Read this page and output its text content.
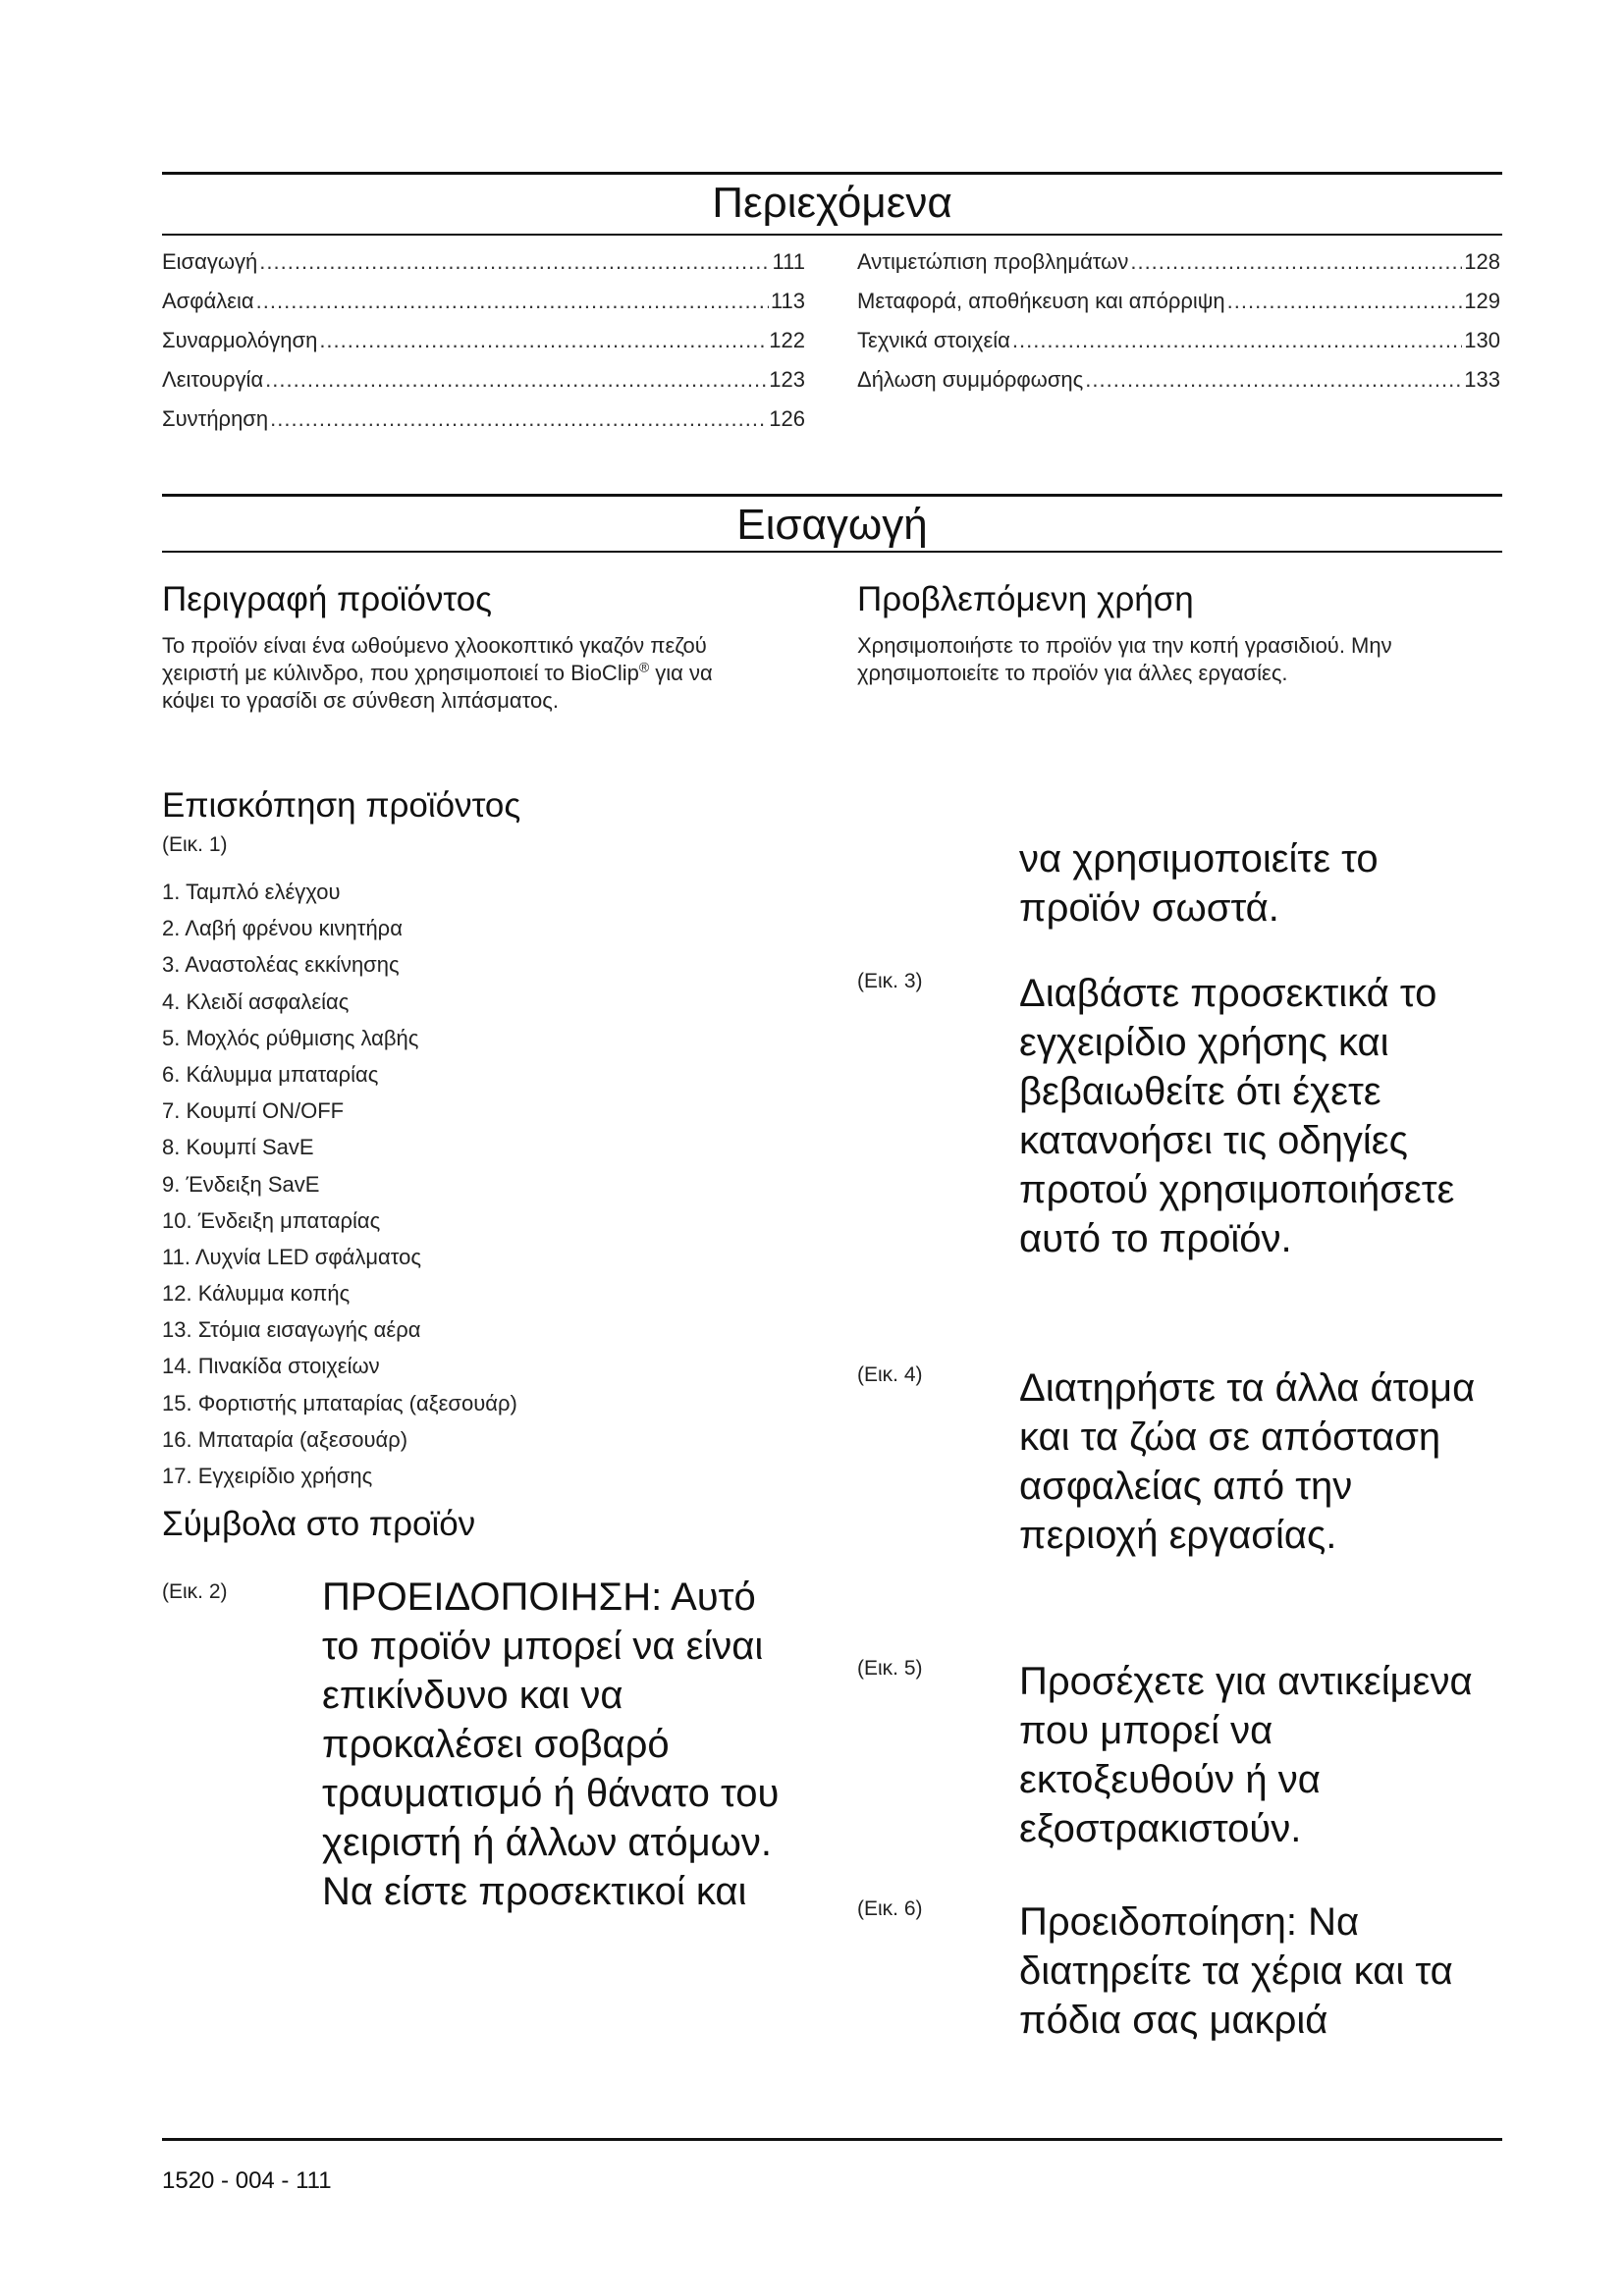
Περιεχόμενα
Εισαγωγή .....	111
Ασφάλεια .....	113
Συναρμολόγηση .....	122
Λειτουργία .....	123
Συντήρηση .....	126
Αντιμετώπιση προβλημάτων .....	128
Μεταφορά, αποθήκευση και απόρριψη .....	129
Τεχνικά στοιχεία .....	130
Δήλωση συμμόρφωσης .....	133
Εισαγωγή
Περιγραφή προϊόντος

Το προϊόν είναι ένα ωθούμενο χλοοκοπτικό γκαζόν πεζού χειριστή με κύλινδρο, που χρησιμοποιεί το BioClip® για να κόψει το γρασίδι σε σύνθεση λιπάσματος.

Προβλεπόμενη χρήση

Χρησιμοποιήστε το προϊόν για την κοπή γρασιδιού. Μην χρησιμοποιείτε το προϊόν για άλλες εργασίες.

Επισκόπηση προϊόντος
(Εικ. 1)
1. Ταμπλό ελέγχου
2. Λαβή φρένου κινητήρα
3. Αναστολέας εκκίνησης
4. Κλειδί ασφαλείας
5. Μοχλός ρύθμισης λαβής
6. Κάλυμμα μπαταρίας
7. Κουμπί ON/OFF
8. Κουμπί SavE
9. Ένδειξη SavE
10. Ένδειξη μπαταρίας
11. Λυχνία LED σφάλματος
12. Κάλυμμα κοπής
13. Στόμια εισαγωγής αέρα
14. Πινακίδα στοιχείων
15. Φορτιστής μπαταρίας (αξεσουάρ)
16. Μπαταρία (αξεσουάρ)
17. Εγχειρίδιο χρήσης
Σύμβολα στο προϊόν
(Εικ. 2) ΠΡΟΕΙΔΟΠΟΙΗΣΗ: Αυτό το προϊόν μπορεί να είναι επικίνδυνο και να προκαλέσει σοβαρό τραυματισμό ή θάνατο του χειριστή ή άλλων ατόμων. Να είστε προσεκτικοί και

να χρησιμοποιείτε το προϊόν σωστά.

(Εικ. 3) Διαβάστε προσεκτικά το εγχειρίδιο χρήσης και βεβαιωθείτε ότι έχετε κατανοήσει τις οδηγίες προτού χρησιμοποιήσετε αυτό το προϊόν.

(Εικ. 4) Διατηρήστε τα άλλα άτομα και τα ζώα σε απόσταση ασφαλείας από την περιοχή εργασίας.

(Εικ. 5) Προσέχετε για αντικείμενα που μπορεί να εκτοξευθούν ή να εξοστρακιστούν.

(Εικ. 6) Προειδοποίηση: Να διατηρείτε τα χέρια και τα πόδια σας μακριά

1520 - 004 - 111
